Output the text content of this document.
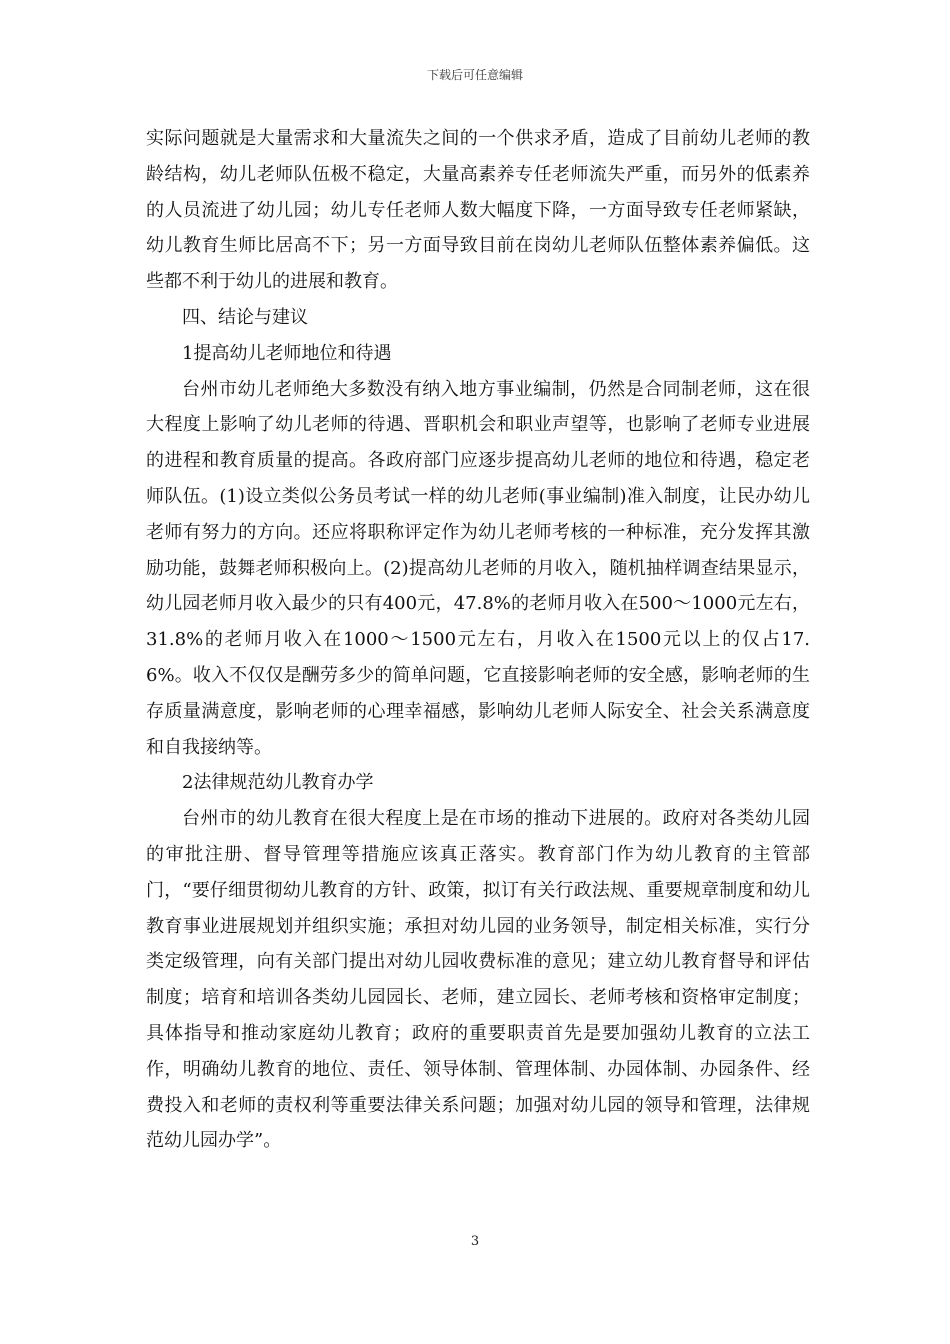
下载后可任意编辑

实际问题就是大量需求和大量流失之间的一个供求矛盾，造成了目前幼儿老师的教龄结构，幼儿老师队伍极不稳定，大量高素养专任老师流失严重，而另外的低素养的人员流进了幼儿园；幼儿专任老师人数大幅度下降，一方面导致专任老师紧缺，幼儿教育生师比居高不下；另一方面导致目前在岗幼儿老师队伍整体素养偏低。这些都不利于幼儿的进展和教育。

四、结论与建议

1提高幼儿老师地位和待遇

台州市幼儿老师绝大多数没有纳入地方事业编制，仍然是合同制老师，这在很大程度上影响了幼儿老师的待遇、晋职机会和职业声望等，也影响了老师专业进展的进程和教育质量的提高。各政府部门应逐步提高幼儿老师的地位和待遇，稳定老师队伍。(1)设立类似公务员考试一样的幼儿老师(事业编制)准入制度，让民办幼儿老师有努力的方向。还应将职称评定作为幼儿老师考核的一种标准，充分发挥其激励功能，鼓舞老师积极向上。(2)提高幼儿老师的月收入，随机抽样调查结果显示，幼儿园老师月收入最少的只有400元，47.8%的老师月收入在500～1000元左右，31.8%的老师月收入在1000～1500元左右，月收入在1500元以上的仅占17.6%。收入不仅仅是酬劳多少的简单问题，它直接影响老师的安全感，影响老师的生存质量满意度，影响老师的心理幸福感，影响幼儿老师人际安全、社会关系满意度和自我接纳等。

2法律规范幼儿教育办学

台州市的幼儿教育在很大程度上是在市场的推动下进展的。政府对各类幼儿园的审批注册、督导管理等措施应该真正落实。教育部门作为幼儿教育的主管部门，“要仔细贯彻幼儿教育的方针、政策，拟订有关行政法规、重要规章制度和幼儿教育事业进展规划并组织实施；承担对幼儿园的业务领导，制定相关标准，实行分类定级管理，向有关部门提出对幼儿园收费标准的意见；建立幼儿教育督导和评估制度；培育和培训各类幼儿园园长、老师，建立园长、老师考核和资格审定制度；具体指导和推动家庭幼儿教育；政府的重要职责首先是要加强幼儿教育的立法工作，明确幼儿教育的地位、责任、领导体制、管理体制、办园体制、办园条件、经费投入和老师的责权利等重要法律关系问题；加强对幼儿园的领导和管理，法律规范幼儿园办学”。

3
